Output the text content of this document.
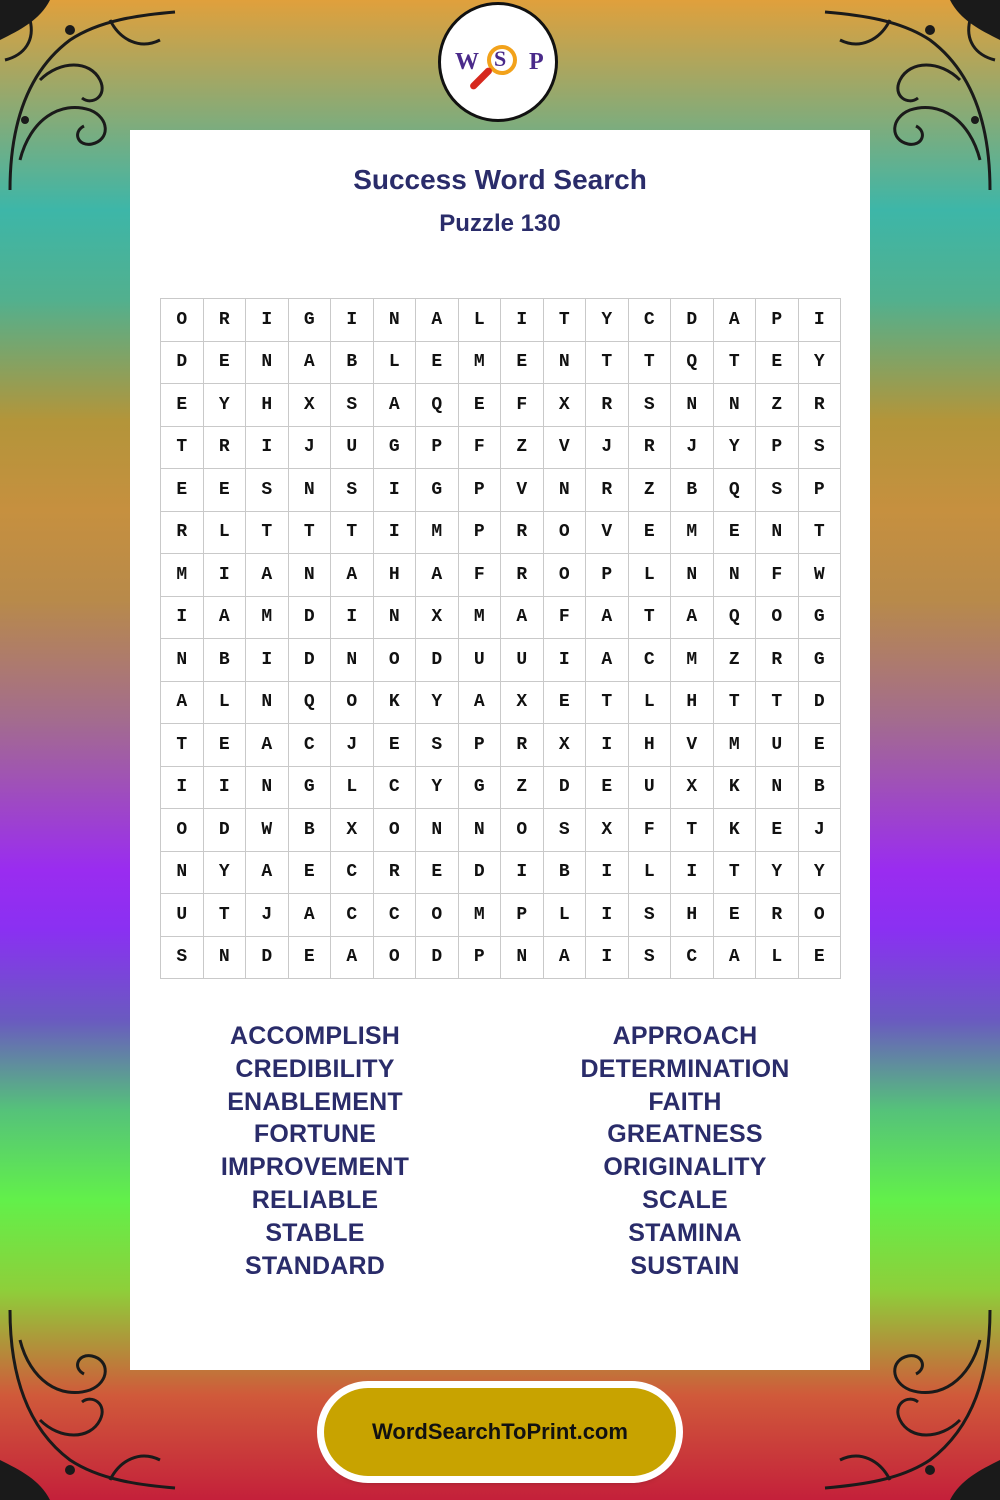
W S P
Success Word Search
Puzzle 130
O	R	I	G	I	N	A	L	I	T	Y	C	D	A	P	I
D	E	N	A	B	L	E	M	E	N	T	T	Q	T	E	Y
E	Y	H	X	S	A	Q	E	F	X	R	S	N	N	Z	R
T	R	I	J	U	G	P	F	Z	V	J	R	J	Y	P	S
E	E	S	N	S	I	G	P	V	N	R	Z	B	Q	S	P
R	L	T	T	T	I	M	P	R	O	V	E	M	E	N	T
M	I	A	N	A	H	A	F	R	O	P	L	N	N	F	W
I	A	M	D	I	N	X	M	A	F	A	T	A	Q	O	G
N	B	I	D	N	O	D	U	U	I	A	C	M	Z	R	G
A	L	N	Q	O	K	Y	A	X	E	T	L	H	T	T	D
T	E	A	C	J	E	S	P	R	X	I	H	V	M	U	E
I	I	N	G	L	C	Y	G	Z	D	E	U	X	K	N	B
O	D	W	B	X	O	N	N	O	S	X	F	T	K	E	J
N	Y	A	E	C	R	E	D	I	B	I	L	I	T	Y	Y
U	T	J	A	C	C	O	M	P	L	I	S	H	E	R	O
S	N	D	E	A	O	D	P	N	A	I	S	C	A	L	E
ACCOMPLISH
CREDIBILITY
ENABLEMENT
FORTUNE
IMPROVEMENT
RELIABLE
STABLE
STANDARD
APPROACH
DETERMINATION
FAITH
GREATNESS
ORIGINALITY
SCALE
STAMINA
SUSTAIN
WordSearchToPrint.com
